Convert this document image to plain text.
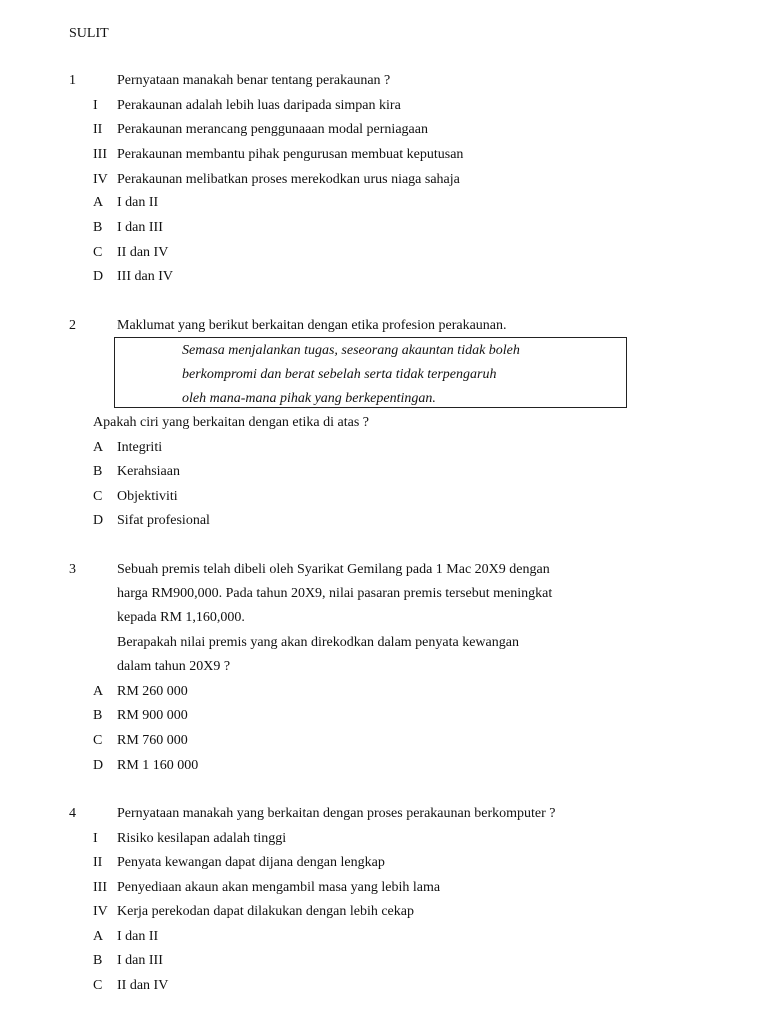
SULIT
1	Pernyataan manakah benar tentang perakaunan ?
I	Perakaunan adalah lebih luas daripada simpan kira
II	Perakaunan merancang penggunaaan modal perniagaan
III Perakaunan membantu pihak pengurusan membuat keputusan
IV Perakaunan melibatkan proses merekodkan urus niaga sahaja
A I dan II
B	I dan III
C	II dan IV
D III dan IV
2	Maklumat yang berikut berkaitan dengan etika profesion perakaunan.
Semasa menjalankan tugas, seseorang akauntan tidak boleh
berkompromi dan berat sebelah serta tidak terpengaruh
oleh mana-mana pihak yang berkepentingan.
Apakah ciri yang berkaitan dengan etika di atas ?
A Integriti
B	Kerahsiaan
C	Objektiviti
D Sifat profesional
3	Sebuah premis telah dibeli oleh Syarikat Gemilang pada 1 Mac 20X9 dengan
harga RM900,000. Pada tahun 20X9, nilai pasaran premis tersebut meningkat
kepada RM 1,160,000.
Berapakah nilai premis yang akan direkodkan dalam penyata kewangan
dalam tahun 20X9 ?
A RM 260 000
B	RM 900 000
C	RM 760 000
D RM 1 160 000
4	Pernyataan manakah yang berkaitan dengan proses perakaunan berkomputer ?
I	Risiko kesilapan adalah tinggi
II	Penyata kewangan dapat dijana dengan lengkap
III Penyediaan akaun akan mengambil masa yang lebih lama
IV Kerja perekodan dapat dilakukan dengan lebih cekap
A I dan II
B	I dan III
C	II dan IV
